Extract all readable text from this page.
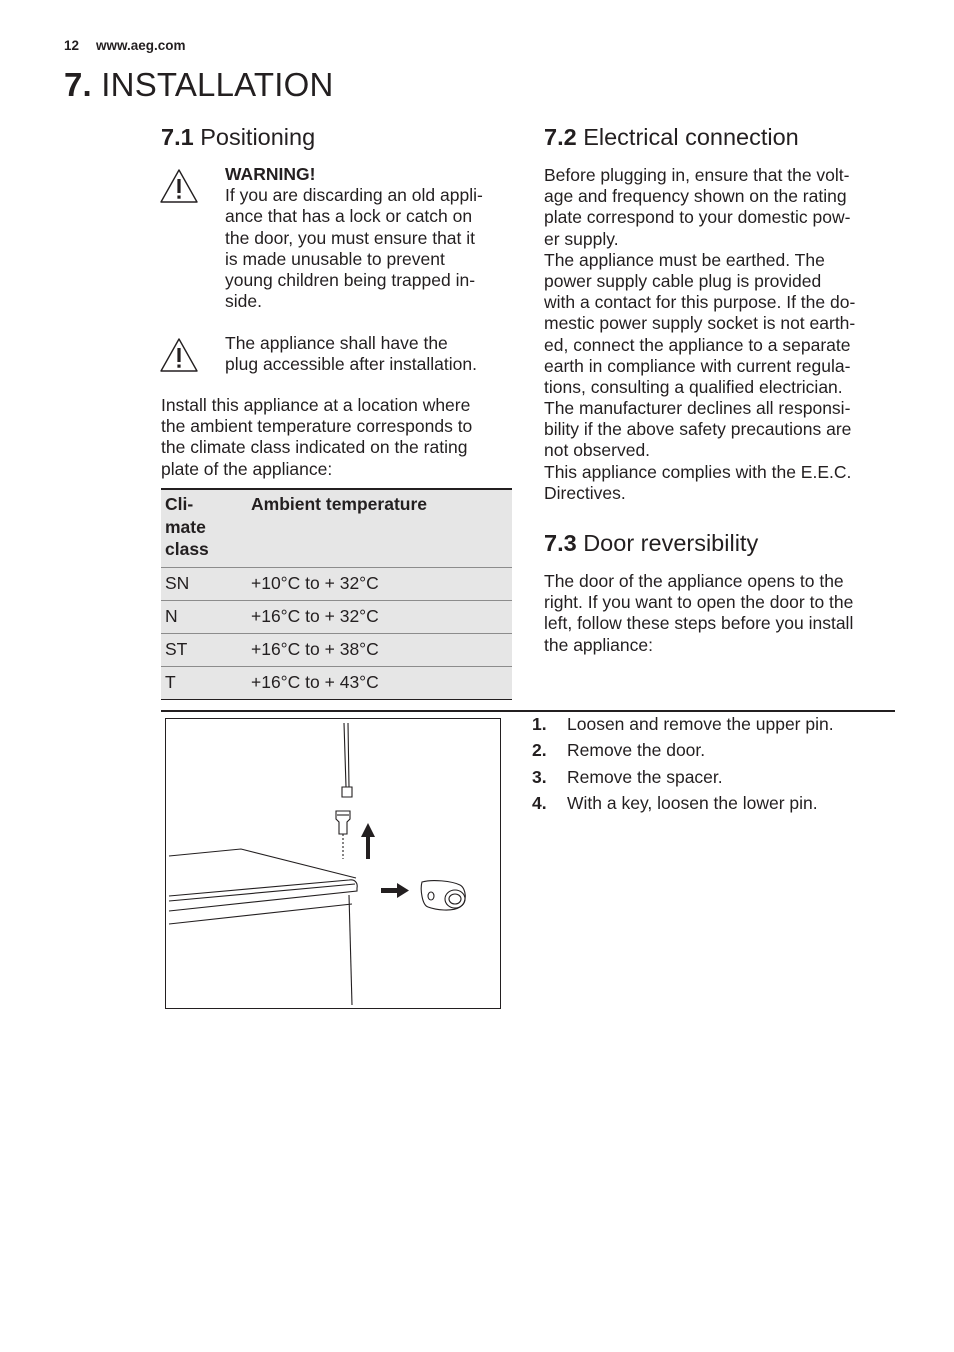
12 www.aeg.com
7. INSTALLATION
7.1 Positioning
WARNING!
If you are discarding an old appli-
ance that has a lock or catch on
the door, you must ensure that it
is made unusable to prevent
young children being trapped in-
side.
The appliance shall have the
plug accessible after installation.
Install this appliance at a location where
the ambient temperature corresponds to
the climate class indicated on the rating
plate of the appliance:
Cli-
mate
class	Ambient temperature
SN	+10°C to + 32°C
N	+16°C to + 32°C
ST	+16°C to + 38°C
T	+16°C to + 43°C
7.2 Electrical connection
Before plugging in, ensure that the volt-
age and frequency shown on the rating
plate correspond to your domestic pow-
er supply.
The appliance must be earthed. The
power supply cable plug is provided
with a contact for this purpose. If the do-
mestic power supply socket is not earth-
ed, connect the appliance to a separate
earth in compliance with current regula-
tions, consulting a qualified electrician.
The manufacturer declines all responsi-
bility if the above safety precautions are
not observed.
This appliance complies with the E.E.C.
Directives.
7.3 Door reversibility
The door of the appliance opens to the
right. If you want to open the door to the
left, follow these steps before you install
the appliance:
1. Loosen and remove the upper pin.
2. Remove the door.
3. Remove the spacer.
4. With a key, loosen the lower pin.
